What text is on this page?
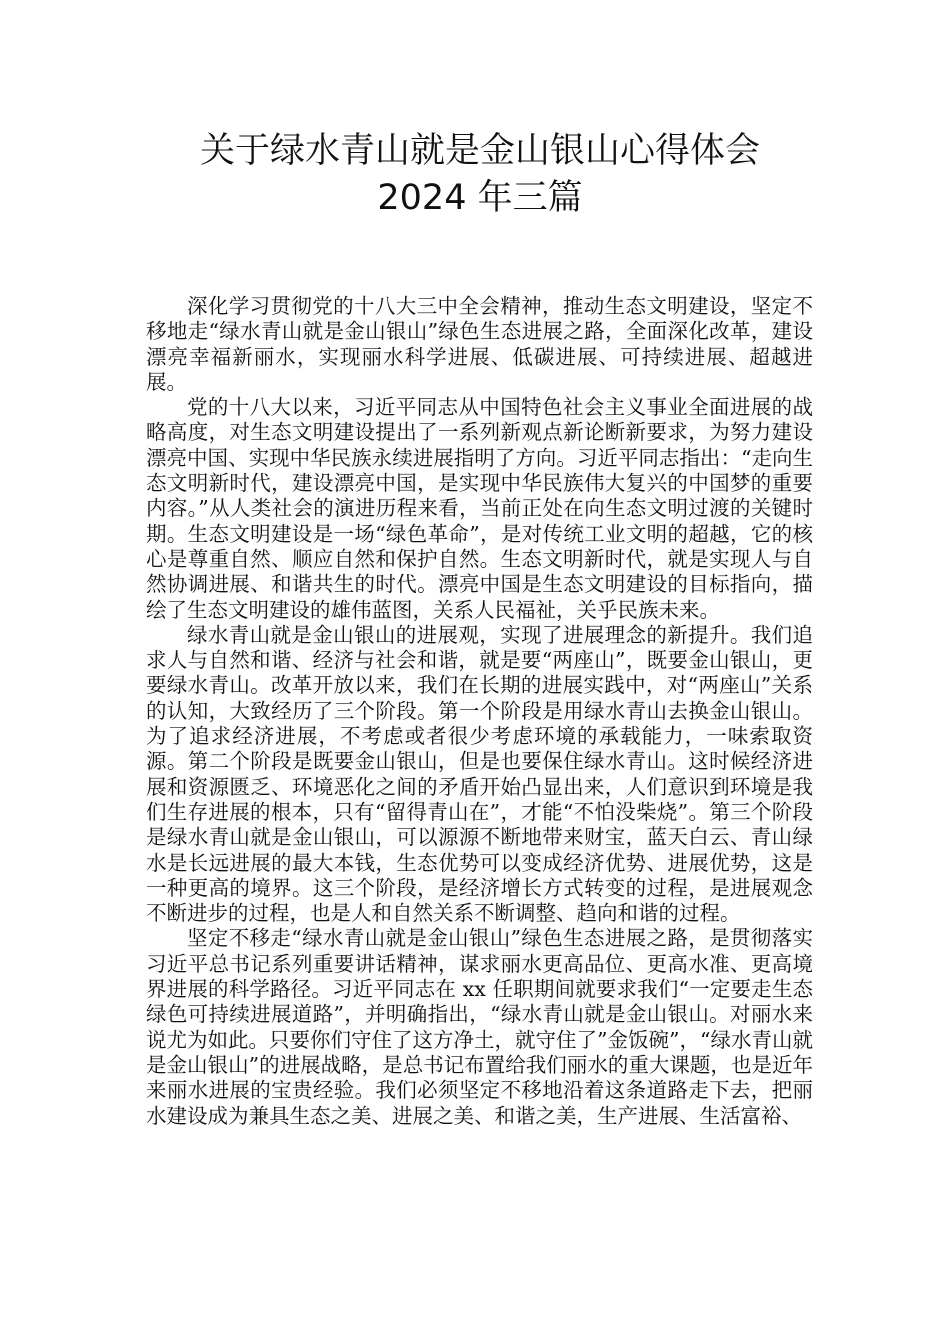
关于绿水青山就是金山银山心得体会
2024 年三篇

深化学习贯彻党的十八大三中全会精神，推动生态文明建设，坚定不移地走“绿水青山就是金山银山”绿色生态进展之路，全面深化改革，建设漂亮幸福新丽水，实现丽水科学进展、低碳进展、可持续进展、超越进展。

党的十八大以来，习近平同志从中国特色社会主义事业全面进展的战略高度，对生态文明建设提出了一系列新观点新论断新要求，为努力建设漂亮中国、实现中华民族永续进展指明了方向。习近平同志指出：“走向生态文明新时代，建设漂亮中国，是实现中华民族伟大复兴的中国梦的重要内容。”从人类社会的演进历程来看，当前正处在向生态文明过渡的关键时期。生态文明建设是一场“绿色革命”，是对传统工业文明的超越，它的核心是尊重自然、顺应自然和保护自然。生态文明新时代，就是实现人与自然协调进展、和谐共生的时代。漂亮中国是生态文明建设的目标指向，描绘了生态文明建设的雄伟蓝图，关系人民福祉，关乎民族未来。

绿水青山就是金山银山的进展观，实现了进展理念的新提升。我们追求人与自然和谐、经济与社会和谐，就是要“两座山”，既要金山银山，更要绿水青山。改革开放以来，我们在长期的进展实践中，对“两座山”关系的认知，大致经历了三个阶段。第一个阶段是用绿水青山去换金山银山。为了追求经济进展，不考虑或者很少考虑环境的承载能力，一味索取资源。第二个阶段是既要金山银山，但是也要保住绿水青山。这时候经济进展和资源匮乏、环境恶化之间的矛盾开始凸显出来，人们意识到环境是我们生存进展的根本，只有“留得青山在”，才能“不怕没柴烧”。第三个阶段是绿水青山就是金山银山，可以源源不断地带来财宝，蓝天白云、青山绿水是长远进展的最大本钱，生态优势可以变成经济优势、进展优势，这是一种更高的境界。这三个阶段，是经济增长方式转变的过程，是进展观念不断进步的过程，也是人和自然关系不断调整、趋向和谐的过程。

坚定不移走“绿水青山就是金山银山”绿色生态进展之路，是贯彻落实习近平总书记系列重要讲话精神，谋求丽水更高品位、更高水准、更高境界进展的科学路径。习近平同志在 xx 任职期间就要求我们“一定要走生态绿色可持续进展道路”，并明确指出，“绿水青山就是金山银山。对丽水来说尤为如此。只要你们守住了这方净土，就守住了”金饭碗”，“绿水青山就是金山银山”的进展战略，是总书记布置给我们丽水的重大课题，也是近年来丽水进展的宝贵经验。我们必须坚定不移地沿着这条道路走下去，把丽水建设成为兼具生态之美、进展之美、和谐之美，生产进展、生活富裕、
